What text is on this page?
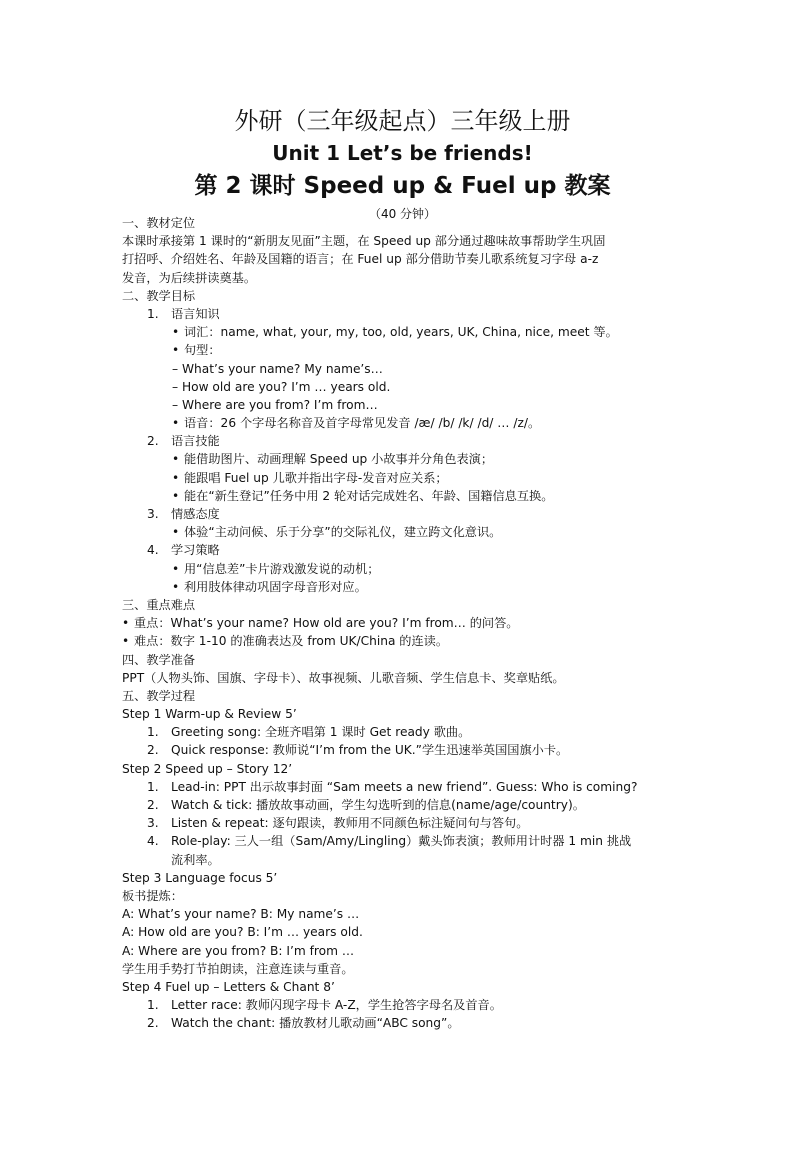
外研（三年级起点）三年级上册
Unit 1 Let’s be friends!
第 2 课时 Speed up & Fuel up 教案
（40 分钟）
一、教材定位
本课时承接第 1 课时的“新朋友见面”主题，在 Speed up 部分通过趣味故事帮助学生巩固
打招呼、介绍姓名、年龄及国籍的语言；在 Fuel up 部分借助节奏儿歌系统复习字母 a-z
发音，为后续拼读奠基。
二、教学目标
1. 语言知识
• 词汇：name, what, your, my, too, old, years, UK, China, nice, meet 等。
• 句型：
– What’s your name? My name’s…
– How old are you? I’m … years old.
– Where are you from? I’m from…
• 语音：26 个字母名称音及首字母常见发音 /æ/ /b/ /k/ /d/ … /z/。
2. 语言技能
• 能借助图片、动画理解 Speed up 小故事并分角色表演；
• 能跟唱 Fuel up 儿歌并指出字母-发音对应关系；
• 能在“新生登记”任务中用 2 轮对话完成姓名、年龄、国籍信息互换。
3. 情感态度
• 体验“主动问候、乐于分享”的交际礼仪，建立跨文化意识。
4. 学习策略
• 用“信息差”卡片游戏激发说的动机；
• 利用肢体律动巩固字母音形对应。
三、重点难点
• 重点：What’s your name? How old are you? I’m from… 的问答。
• 难点：数字 1-10 的准确表达及 from UK/China 的连读。
四、教学准备
PPT（人物头饰、国旗、字母卡）、故事视频、儿歌音频、学生信息卡、奖章贴纸。
五、教学过程
Step 1 Warm-up & Review 5’
1. Greeting song: 全班齐唱第 1 课时 Get ready 歌曲。
2. Quick response: 教师说“I’m from the UK.”学生迅速举英国国旗小卡。
Step 2 Speed up – Story 12’
1. Lead-in: PPT 出示故事封面 “Sam meets a new friend”. Guess: Who is coming?
2. Watch & tick: 播放故事动画，学生勾选听到的信息(name/age/country)。
3. Listen & repeat: 逐句跟读，教师用不同颜色标注疑问句与答句。
4. Role-play: 三人一组（Sam/Amy/Lingling）戴头饰表演；教师用计时器 1 min 挑战
流利率。
Step 3 Language focus 5’
板书提炼：
A: What’s your name? B: My name’s …
A: How old are you? B: I’m … years old.
A: Where are you from? B: I’m from …
学生用手势打节拍朗读，注意连读与重音。
Step 4 Fuel up – Letters & Chant 8’
1. Letter race: 教师闪现字母卡 A-Z，学生抢答字母名及首音。
2. Watch the chant: 播放教材儿歌动画“ABC song”。
